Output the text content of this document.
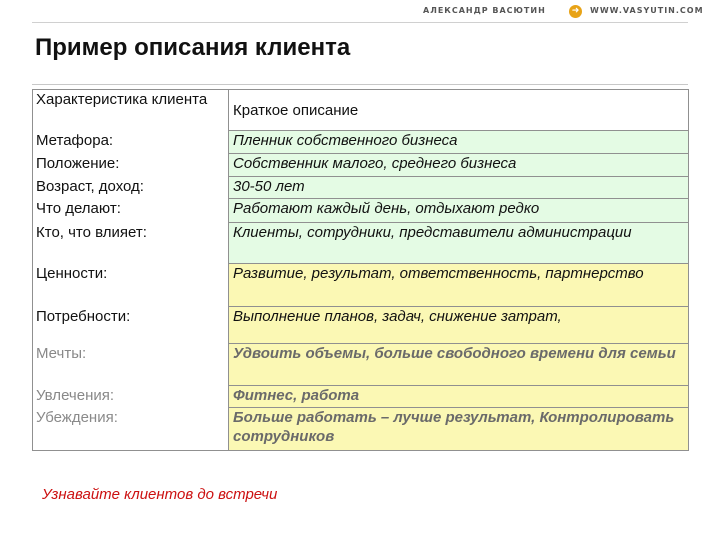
АЛЕКСАНДР ВАСЮТИН	➜	WWW.VASYUTIN.COM
Пример описания клиента
Характеристика клиента	Краткое описание
Метафора:	Пленник собственного бизнеса
Положение:	Собственник малого, среднего бизнеса
Возраст, доход:	30-50 лет
Что делают:	Работают каждый день, отдыхают редко
Кто, что влияет:	Клиенты, сотрудники, представители администрации
Ценности:	Развитие, результат, ответственность, партнерство
Потребности:	Выполнение планов, задач, снижение затрат,
Мечты:	Удвоить объемы, больше свободного времени для семьи
Увлечения:	Фитнес, работа
Убеждения:	Больше работать – лучше результат, Контролировать сотрудников
Узнавайте клиентов до встречи
